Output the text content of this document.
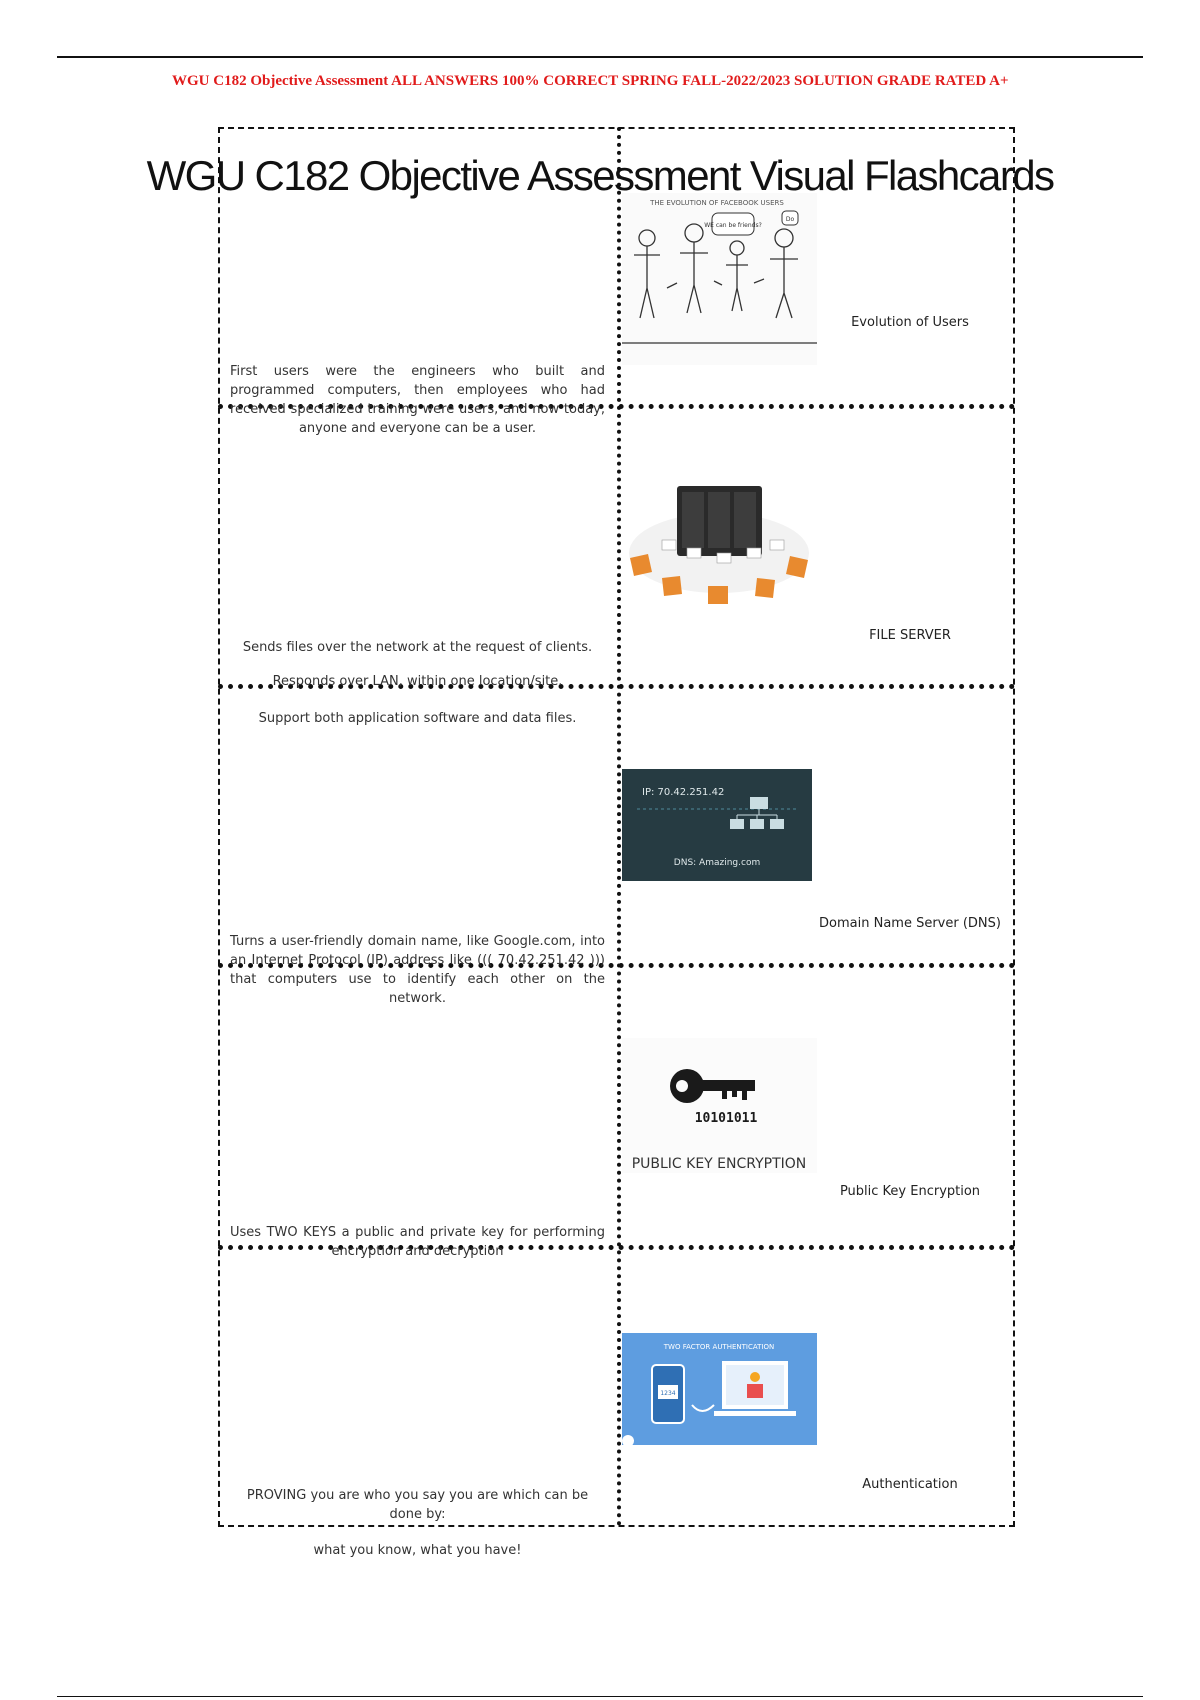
WGU C182 Objective Assessment ALL ANSWERS 100% CORRECT SPRING FALL-2022/2023 SOLUTION GRADE RATED A+
WGU C182 Objective Assessment Visual Flashcards
THE EVOLUTION OF FACEBOOK USERS
WE can be friends?
Do
Evolution of Users
First users were the engineers who built and programmed computers, then employees who had received specialized training were users, and now today, anyone and everyone can be a user.
FILE SERVER
Sends files over the network at the request of clients.
Responds over LAN, within one location/site.
Support both application software and data files.
IP: 70.42.251.42
DNS: Amazing.com
Domain Name Server (DNS)
Turns a user-friendly domain name, like Google.com, into an Internet Protocol (IP) address like ((( 70.42.251.42 ))) that computers use to identify each other on the network.
10101011
PUBLIC KEY ENCRYPTION
Public Key Encryption
Uses TWO KEYS a public and private key for performing encryption and decryption
TWO FACTOR AUTHENTICATION
1234
Authentication
PROVING you are who you say you are which can be done by:
what you know, what you have!
